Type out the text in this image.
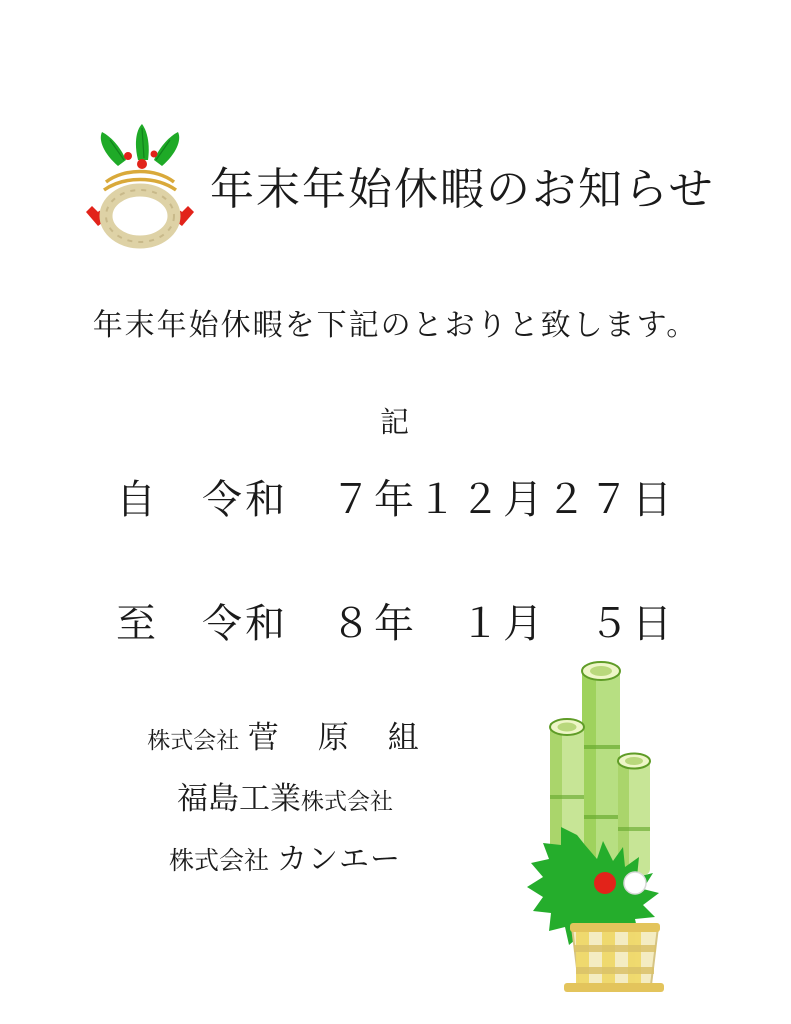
年末年始休暇のお知らせ
年末年始休暇を下記のとおりと致します。
記
自　令和　７年１２月２７日
至　令和　８年　１月　５日
株式会社 菅　原　組
福島工業株式会社
株式会社 カンエー
